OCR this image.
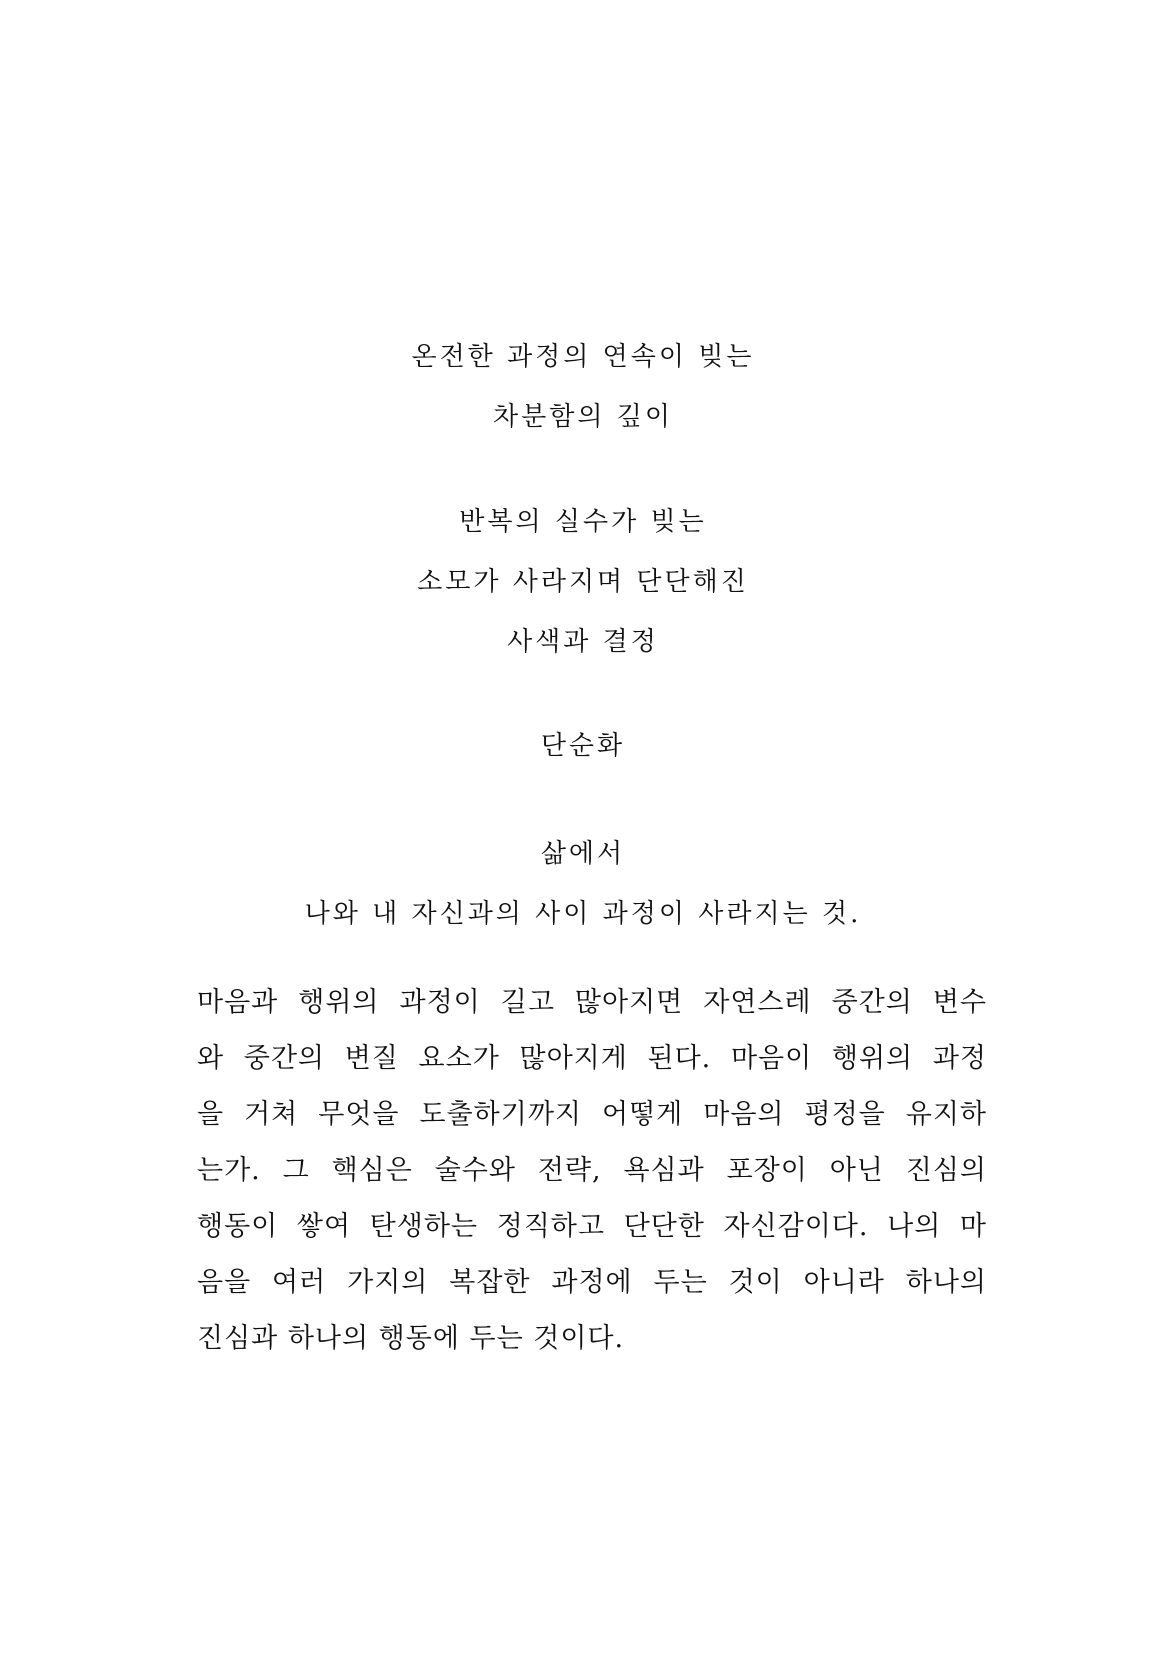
온전한 과정의 연속이 빚는
차분함의 깊이
반복의 실수가 빚는
소모가 사라지며 단단해진
사색과 결정
단순화
삶에서
나와 내 자신과의 사이 과정이 사라지는 것.
마음과 행위의 과정이 길고 많아지면 자연스레 중간의 변수
와 중간의 변질 요소가 많아지게 된다. 마음이 행위의 과정
을 거쳐 무엇을 도출하기까지 어떻게 마음의 평정을 유지하
는가. 그 핵심은 술수와 전략, 욕심과 포장이 아닌 진심의
행동이 쌓여 탄생하는 정직하고 단단한 자신감이다. 나의 마
음을 여러 가지의 복잡한 과정에 두는 것이 아니라 하나의
진심과 하나의 행동에 두는 것이다.
